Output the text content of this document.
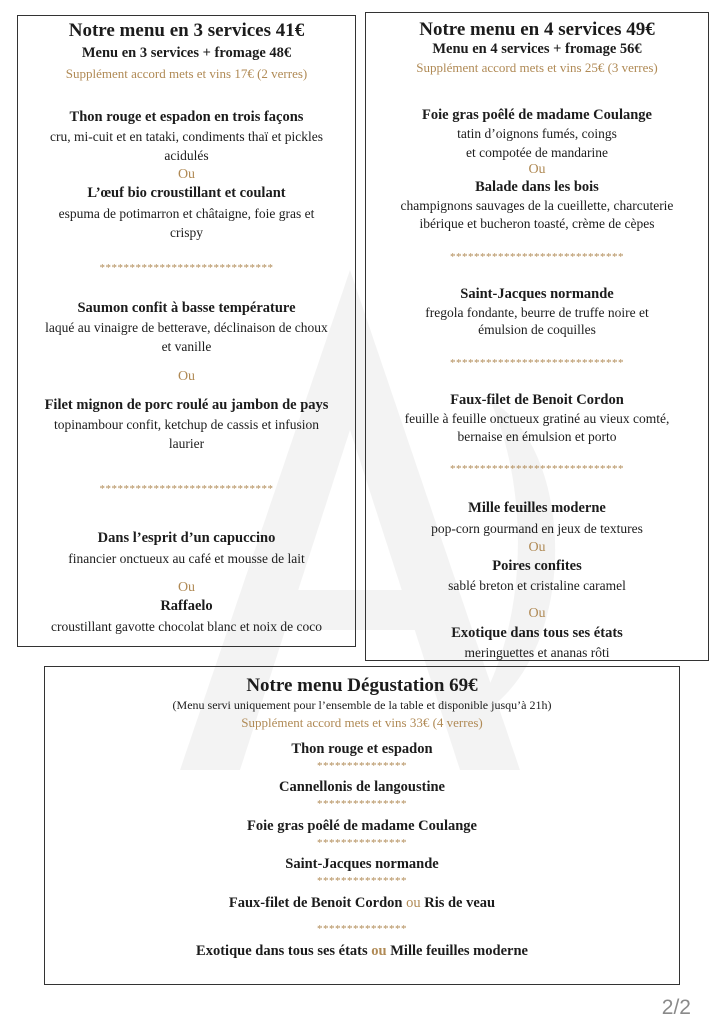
Notre menu en 3 services 41€
Menu en 3 services + fromage 48€
Supplément accord mets et vins 17€ (2 verres)
Thon rouge et espadon en trois façons
cru, mi-cuit et en tataki, condiments thaï et pickles
acidulés
Ou
L’œuf bio croustillant et coulant
espuma de potimarron et châtaigne, foie gras et
crispy
*****************************
Saumon confit à basse température
laqué au vinaigre de betterave, déclinaison de choux
et vanille
Ou
Filet mignon de porc roulé au jambon de pays
topinambour confit, ketchup de cassis et infusion
laurier
*****************************
Dans l’esprit d’un capuccino
financier onctueux au café et mousse de lait
Ou
Raffaelo
croustillant gavotte chocolat blanc et noix de coco
Notre menu en 4 services 49€
Menu en 4 services + fromage 56€
Supplément accord mets et vins 25€ (3 verres)
Foie gras poêlé de madame Coulange
tatin d’oignons fumés, coings
et compotée de mandarine
Ou
Balade dans les bois
champignons sauvages de la cueillette, charcuterie
ibérique et bucheron toasté, crème de cèpes
*****************************
Saint-Jacques normande
fregola fondante, beurre de truffe noire et
émulsion de coquilles
*****************************
Faux-filet de Benoit Cordon
feuille à feuille onctueux gratiné au vieux comté,
bernaise en émulsion et porto
*****************************
Mille feuilles moderne
pop-corn gourmand en jeux de textures
Ou
Poires confites
sablé breton et cristaline caramel
Ou
Exotique dans tous ses états
meringuettes et ananas rôti
Notre menu Dégustation 69€
(Menu servi uniquement pour l’ensemble de la table et disponible jusqu’à 21h)
Supplément accord mets et vins 33€ (4 verres)
Thon rouge et espadon
***************
Cannellonis de langoustine
***************
Foie gras poêlé de madame Coulange
***************
Saint-Jacques normande
***************
Faux-filet de Benoit Cordon ou Ris de veau
***************
Exotique dans tous ses états ou Mille feuilles moderne
2/2
